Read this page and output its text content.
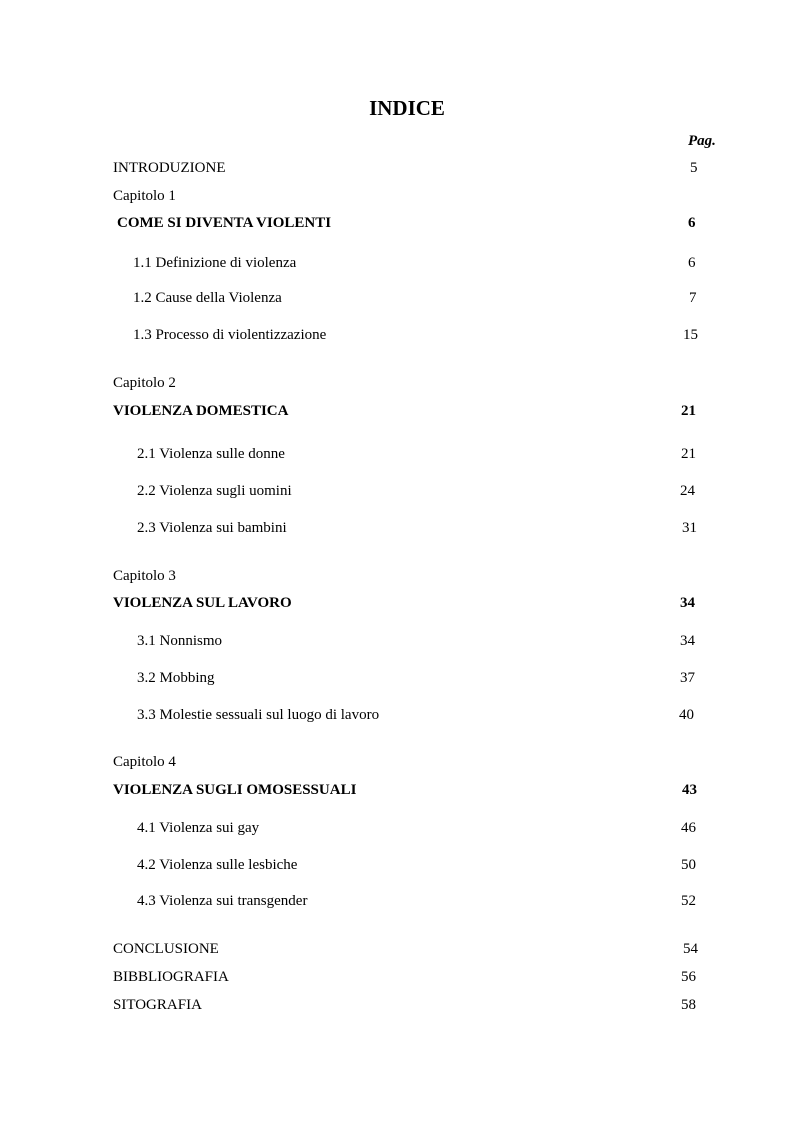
INDICE
Pag.
INTRODUZIONE	5
Capitolo 1
COME SI DIVENTA VIOLENTI	6
1.1 Definizione di violenza	6
1.2 Cause della Violenza	7
1.3 Processo di violentizzazione	15
Capitolo 2
VIOLENZA DOMESTICA	21
2.1 Violenza sulle donne	21
2.2 Violenza sugli uomini	24
2.3 Violenza sui bambini	31
Capitolo 3
VIOLENZA SUL LAVORO	34
3.1 Nonnismo	34
3.2 Mobbing	37
3.3 Molestie sessuali sul luogo di lavoro	40
Capitolo 4
VIOLENZA SUGLI OMOSESSUALI	43
4.1 Violenza sui gay	46
4.2 Violenza sulle lesbiche	50
4.3 Violenza sui transgender	52
CONCLUSIONE	54
BIBBLIOGRAFIA	56
SITOGRAFIA	58
